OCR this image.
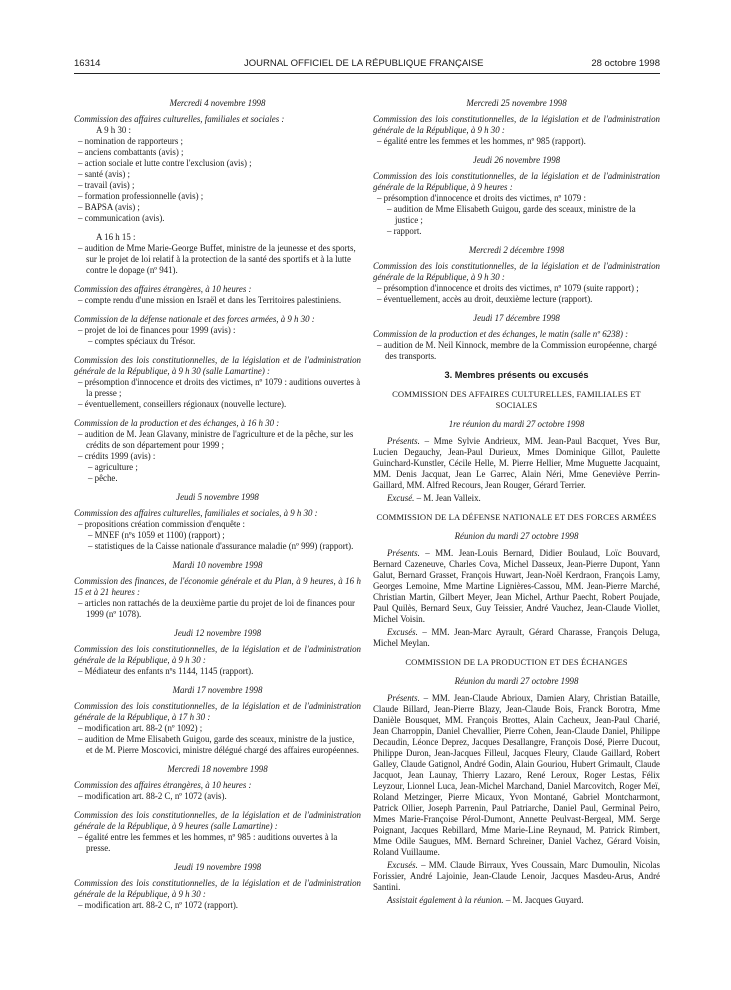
16314	JOURNAL OFFICIEL DE LA RÉPUBLIQUE FRANÇAISE	28 octobre 1998
Mercredi 4 novembre 1998

Commission des affaires culturelles, familiales et sociales :

A 9 h 30 :

– nomination de rapporteurs ;

– anciens combattants (avis) ;

– action sociale et lutte contre l'exclusion (avis) ;

– santé (avis) ;

– travail (avis) ;

– formation professionnelle (avis) ;

– BAPSA (avis) ;

– communication (avis).

A 16 h 15 :

– audition de Mme Marie-George Buffet, ministre de la jeunesse et des sports, sur le projet de loi relatif à la protection de la santé des sportifs et à la lutte contre le dopage (nº 941).

Commission des affaires étrangères, à 10 heures :

– compte rendu d'une mission en Israël et dans les Territoires palestiniens.

Commission de la défense nationale et des forces armées, à 9 h 30 :

– projet de loi de finances pour 1999 (avis) :

– comptes spéciaux du Trésor.

Commission des lois constitutionnelles, de la législation et de l'administration générale de la République, à 9 h 30 (salle Lamartine) :

– présomption d'innocence et droits des victimes, nº 1079 : auditions ouvertes à la presse ;

– éventuellement, conseillers régionaux (nouvelle lecture).

Commission de la production et des échanges, à 16 h 30 :

– audition de M. Jean Glavany, ministre de l'agriculture et de la pêche, sur les crédits de son département pour 1999 ;

– crédits 1999 (avis) :

– agriculture ;

– pêche.

Jeudi 5 novembre 1998

Commission des affaires culturelles, familiales et sociales, à 9 h 30 :

– propositions création commission d'enquête :

– MNEF (nºs 1059 et 1100) (rapport) ;

– statistiques de la Caisse nationale d'assurance maladie (nº 999) (rapport).

Mardi 10 novembre 1998

Commission des finances, de l'économie générale et du Plan, à 9 heures, à 16 h 15 et à 21 heures :

– articles non rattachés de la deuxième partie du projet de loi de finances pour 1999 (nº 1078).

Jeudi 12 novembre 1998

Commission des lois constitutionnelles, de la législation et de l'administration générale de la République, à 9 h 30 :

– Médiateur des enfants nºs 1144, 1145 (rapport).

Mardi 17 novembre 1998

Commission des lois constitutionnelles, de la législation et de l'administration générale de la République, à 17 h 30 :

– modification art. 88-2 (nº 1092) ;

– audition de Mme Elisabeth Guigou, garde des sceaux, ministre de la justice, et de M. Pierre Moscovici, ministre délégué chargé des affaires européennes.

Mercredi 18 novembre 1998

Commission des affaires étrangères, à 10 heures :

– modification art. 88-2 C, nº 1072 (avis).

Commission des lois constitutionnelles, de la législation et de l'administration générale de la République, à 9 heures (salle Lamartine) :

– égalité entre les femmes et les hommes, nº 985 : auditions ouvertes à la presse.

Jeudi 19 novembre 1998

Commission des lois constitutionnelles, de la législation et de l'administration générale de la République, à 9 h 30 :

– modification art. 88-2 C, nº 1072 (rapport).

Mercredi 25 novembre 1998

Commission des lois constitutionnelles, de la législation et de l'administration générale de la République, à 9 h 30 :

– égalité entre les femmes et les hommes, nº 985 (rapport).

Jeudi 26 novembre 1998

Commission des lois constitutionnelles, de la législation et de l'administration générale de la République, à 9 heures :

– présomption d'innocence et droits des victimes, nº 1079 :

– audition de Mme Elisabeth Guigou, garde des sceaux, ministre de la justice ;

– rapport.

Mercredi 2 décembre 1998

Commission des lois constitutionnelles, de la législation et de l'administration générale de la République, à 9 h 30 :

– présomption d'innocence et droits des victimes, nº 1079 (suite rapport) ;

– éventuellement, accès au droit, deuxième lecture (rapport).

Jeudi 17 décembre 1998

Commission de la production et des échanges, le matin (salle nº 6238) :

– audition de M. Neil Kinnock, membre de la Commission européenne, chargé des transports.

3. Membres présents ou excusés
COMMISSION DES AFFAIRES CULTURELLES, FAMILIALES ET SOCIALES
1re réunion du mardi 27 octobre 1998

Présents. – Mme Sylvie Andrieux, MM. Jean-Paul Bacquet, Yves Bur, Lucien Degauchy, Jean-Paul Durieux, Mmes Dominique Gillot, Paulette Guinchard-Kunstler, Cécile Helle, M. Pierre Hellier, Mme Muguette Jacquaint, MM. Denis Jacquat, Jean Le Garrec, Alain Néri, Mme Geneviève Perrin-Gaillard, MM. Alfred Recours, Jean Rouger, Gérard Terrier.

Excusé. – M. Jean Valleix.

COMMISSION DE LA DÉFENSE NATIONALE ET DES FORCES ARMÉES
Réunion du mardi 27 octobre 1998

Présents. – MM. Jean-Louis Bernard, Didier Boulaud, Loïc Bouvard, Bernard Cazeneuve, Charles Cova, Michel Dasseux, Jean-Pierre Dupont, Yann Galut, Bernard Grasset, François Huwart, Jean-Noël Kerdraon, François Lamy, Georges Lemoine, Mme Martine Lignières-Cassou, MM. Jean-Pierre Marché, Christian Martin, Gilbert Meyer, Jean Michel, Arthur Paecht, Robert Poujade, Paul Quilès, Bernard Seux, Guy Teissier, André Vauchez, Jean-Claude Viollet, Michel Voisin.

Excusés. – MM. Jean-Marc Ayrault, Gérard Charasse, François Deluga, Michel Meylan.

COMMISSION DE LA PRODUCTION ET DES ÉCHANGES
Réunion du mardi 27 octobre 1998

Présents. – MM. Jean-Claude Abrioux, Damien Alary, Christian Bataille, Claude Billard, Jean-Pierre Blazy, Jean-Claude Bois, Franck Borotra, Mme Danièle Bousquet, MM. François Brottes, Alain Cacheux, Jean-Paul Charié, Jean Charroppin, Daniel Chevallier, Pierre Cohen, Jean-Claude Daniel, Philippe Decaudin, Léonce Deprez, Jacques Desallangre, François Dosé, Pierre Ducout, Philippe Duron, Jean-Jacques Filleul, Jacques Fleury, Claude Gaillard, Robert Galley, Claude Gatignol, André Godin, Alain Gouriou, Hubert Grimault, Claude Jacquot, Jean Launay, Thierry Lazaro, René Leroux, Roger Lestas, Félix Leyzour, Lionnel Luca, Jean-Michel Marchand, Daniel Marcovitch, Roger Meï, Roland Metzinger, Pierre Micaux, Yvon Montané, Gabriel Montcharmont, Patrick Ollier, Joseph Parrenin, Paul Patriarche, Daniel Paul, Germinal Peiro, Mmes Marie-Françoise Pérol-Dumont, Annette Peulvast-Bergeal, MM. Serge Poignant, Jacques Rebillard, Mme Marie-Line Reynaud, M. Patrick Rimbert, Mme Odile Saugues, MM. Bernard Schreiner, Daniel Vachez, Gérard Voisin, Roland Vuillaume.

Excusés. – MM. Claude Birraux, Yves Coussain, Marc Dumoulin, Nicolas Forissier, André Lajoinie, Jean-Claude Lenoir, Jacques Masdeu-Arus, André Santini.

Assistait également à la réunion. – M. Jacques Guyard.
